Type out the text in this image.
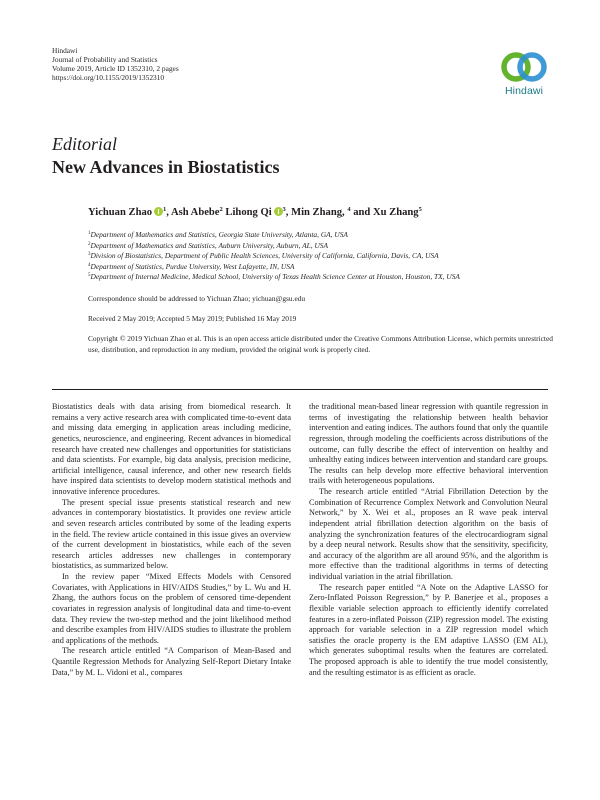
Hindawi
Journal of Probability and Statistics
Volume 2019, Article ID 1352310, 2 pages
https://doi.org/10.1155/2019/1352310
Hindawi
Editorial
New Advances in Biostatistics
Yichuan Zhao  $^1$, Ash Abebe$^2$ Lihong Qi  $^3$, Min Zhang, $^4$ and Xu Zhang$^5$
$^1$Department of Mathematics and Statistics, Georgia State University, Atlanta, GA, USA
$^2$Department of Mathematics and Statistics, Auburn University, Auburn, AL, USA
$^3$Division of Biostatistics, Department of Public Health Sciences, University of California, California, Davis, CA, USA
$^4$Department of Statistics, Purdue University, West Lafayette, IN, USA
$^5$Department of Internal Medicine, Medical School, University of Texas Health Science Center at Houston, Houston, TX, USA
Correspondence should be addressed to Yichuan Zhao; yichuan@gsu.edu
Received 2 May 2019; Accepted 5 May 2019; Published 16 May 2019
Copyright © 2019 Yichuan Zhao et al. This is an open access article distributed under the Creative Commons Attribution License, which permits unrestricted use, distribution, and reproduction in any medium, provided the original work is properly cited.

Biostatistics deals with data arising from biomedical research. It remains a very active research area with complicated time-to-event data and missing data emerging in application areas including medicine, genetics, neuroscience, and engineering. Recent advances in biomedical research have created new challenges and opportunities for statisticians and data scientists. For example, big data analysis, precision medicine, artificial intelligence, causal inference, and other new research fields have inspired data scientists to develop modern statistical methods and innovative inference procedures.

The present special issue presents statistical research and new advances in contemporary biostatistics. It provides one review article and seven research articles contributed by some of the leading experts in the field. The review article contained in this issue gives an overview of the current development in biostatistics, while each of the seven research articles addresses new challenges in contemporary biostatistics, as summarized below.

In the review paper “Mixed Effects Models with Censored Covariates, with Applications in HIV/AIDS Studies,” by L. Wu and H. Zhang, the authors focus on the problem of censored time-dependent covariates in regression analysis of longitudinal data and time-to-event data. They review the two-step method and the joint likelihood method and describe examples from HIV/AIDS studies to illustrate the problem and applications of the methods.

The research article entitled “A Comparison of Mean-Based and Quantile Regression Methods for Analyzing Self-Report Dietary Intake Data,” by M. L. Vidoni et al., compares

the traditional mean-based linear regression with quantile regression in terms of investigating the relationship between health behavior intervention and eating indices. The authors found that only the quantile regression, through modeling the coefficients across distributions of the outcome, can fully describe the effect of intervention on healthy and unhealthy eating indices between intervention and standard care groups. The results can help develop more effective behavioral intervention trails with heterogeneous populations.

The research article entitled “Atrial Fibrillation Detection by the Combination of Recurrence Complex Network and Convolution Neural Network,” by X. Wei et al., proposes an R wave peak interval independent atrial fibrillation detection algorithm on the basis of analyzing the synchronization features of the electrocardiogram signal by a deep neural network. Results show that the sensitivity, specificity, and accuracy of the algorithm are all around 95%, and the algorithm is more effective than the traditional algorithms in terms of detecting individual variation in the atrial fibrillation.

The research paper entitled “A Note on the Adaptive LASSO for Zero-Inflated Poisson Regression,” by P. Banerjee et al., proposes a flexible variable selection approach to efficiently identify correlated features in a zero-inflated Poisson (ZIP) regression model. The existing approach for variable selection in a ZIP regression model which satisfies the oracle property is the EM adaptive LASSO (EM AL), which generates suboptimal results when the features are correlated. The proposed approach is able to identify the true model consistently, and the resulting estimator is as efficient as oracle.
